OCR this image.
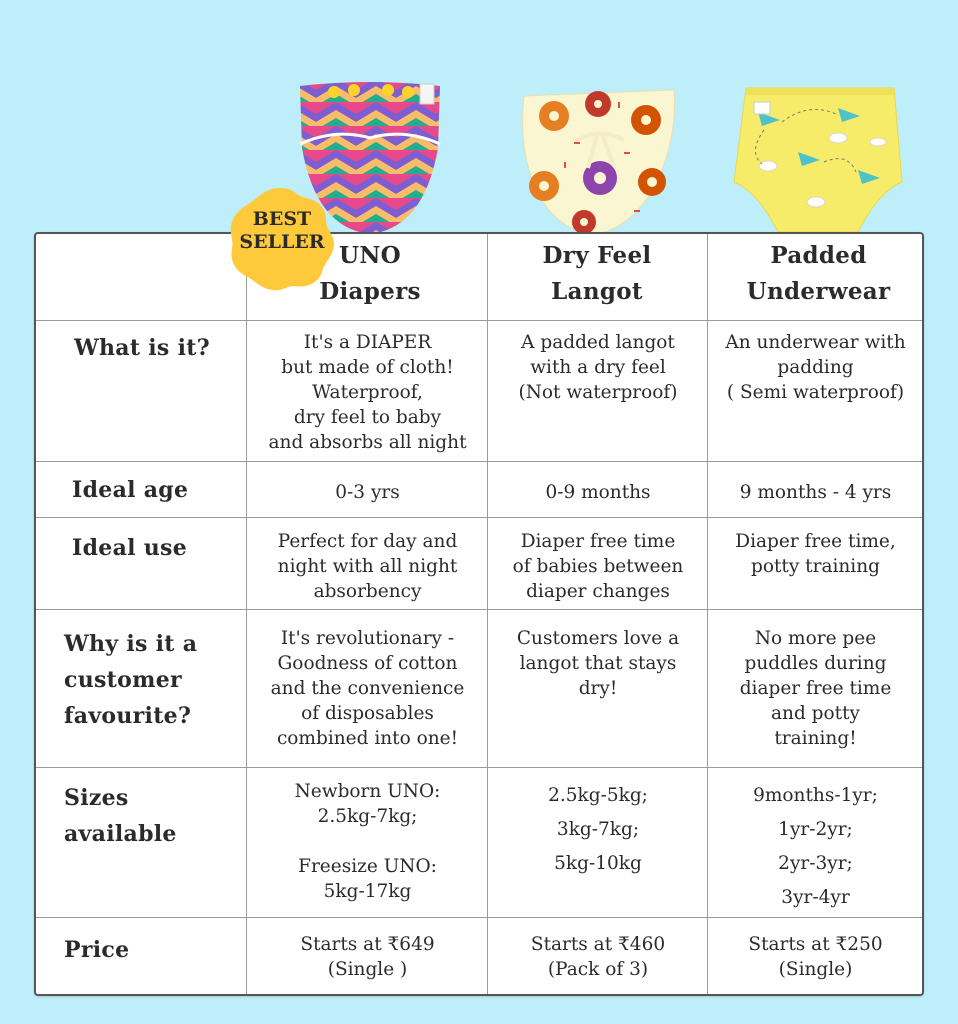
UNO
Diapers
Dry Feel
Langot
Padded
Underwear
What is it?
Ideal age
Ideal use
Why is it a
customer
favourite?
Sizes
available
Price
It's a DIAPER
but made of cloth!
Waterproof,
dry feel to baby
and absorbs all night
A padded langot
with a dry feel
(Not waterproof)
An underwear with
padding
( Semi waterproof)
0-3 yrs	0-9 months	9 months - 4 yrs
Perfect for day and
night with all night
absorbency
Diaper free time
of babies between
diaper changes
Diaper free time,
potty training
It's revolutionary -
Goodness of cotton
and the convenience
of disposables
combined into one!
Customers love a
langot that stays
dry!
No more pee
puddles during
diaper free time
and potty
training!
Newborn UNO:
2.5kg-7kg;

Freesize UNO:
5kg-17kg
2.5kg-5kg;
3kg-7kg;
5kg-10kg
9months-1yr;
1yr-2yr;
2yr-3yr;
3yr-4yr
Starts at ₹649
(Single )
Starts at ₹460
(Pack of 3)
Starts at ₹250
(Single)
BEST
SELLER
